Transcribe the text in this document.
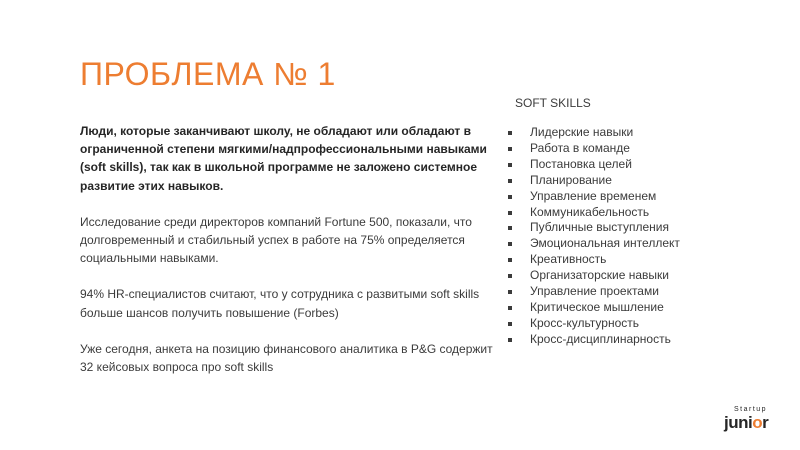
ПРОБЛЕМА № 1

Люди, которые заканчивают школу, не обладают или обладают в ограниченной степени мягкими/надпрофессиональными навыками (soft skills), так как в школьной программе не заложено системное развитие этих навыков.

Исследование среди директоров компаний Fortune 500, показали, что долговременный и стабильный успех в работе на 75% определяется социальными навыками.

94% HR-специалистов считают, что у сотрудника с развитыми soft skills больше шансов получить повышение (Forbes)

Уже сегодня, анкета на позицию финансового аналитика в P&G содержит 32 кейсовых вопроса про soft skills

SOFT SKILLS
Лидерские навыки
Работа в команде
Постановка целей
Планирование
Управление временем
Коммуникабельность
Публичные выступления
Эмоциональная интеллект
Креативность
Организаторские навыки
Управление проектами
Критическое мышление
Кросс-культурность
Кросс-дисциплинарность
Startup
junior
